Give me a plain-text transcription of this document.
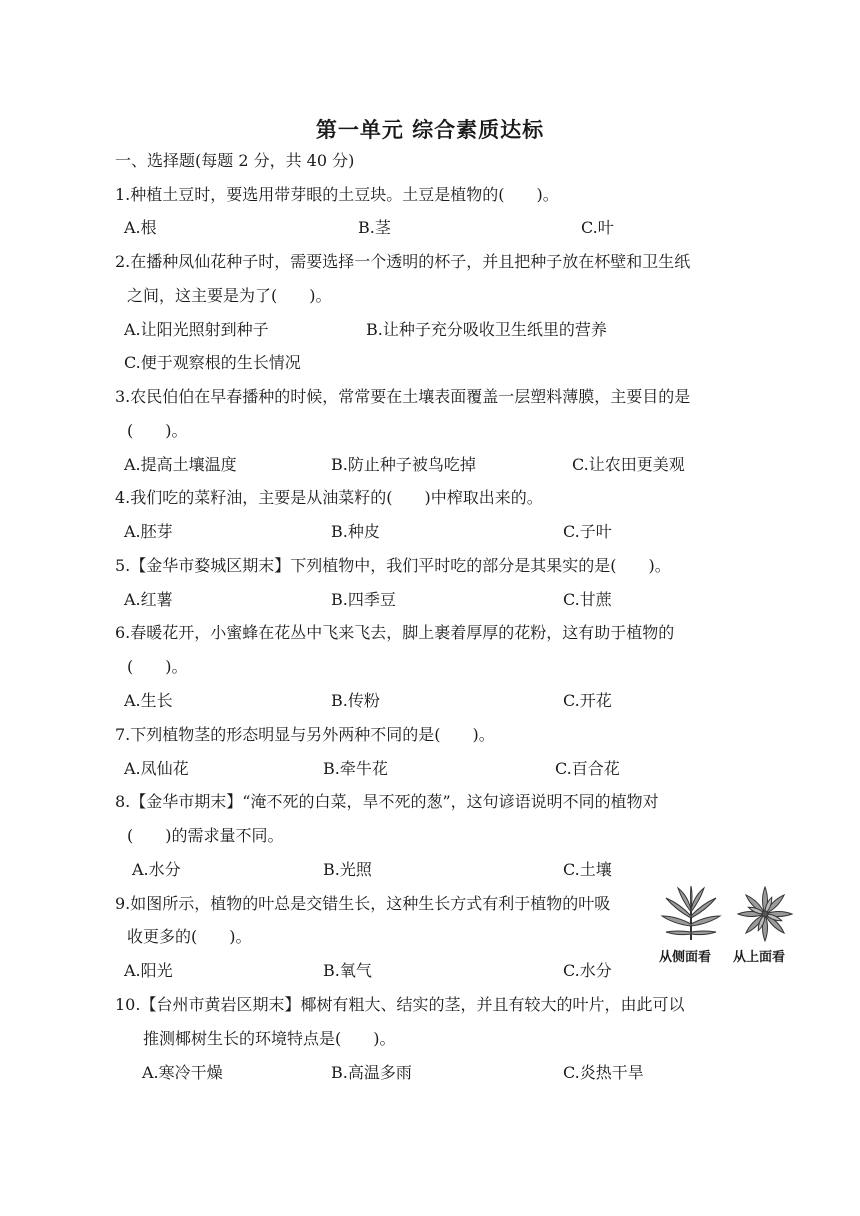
第一单元 综合素质达标
一、选择题(每题 2 分，共 40 分)
1.种植土豆时，要选用带芽眼的土豆块。土豆是植物的(　　)。
A.根	B.茎	C.叶
2.在播种凤仙花种子时，需要选择一个透明的杯子，并且把种子放在杯壁和卫生纸
之间，这主要是为了(　　)。
A.让阳光照射到种子	B.让种子充分吸收卫生纸里的营养
C.便于观察根的生长情况
3.农民伯伯在早春播种的时候，常常要在土壤表面覆盖一层塑料薄膜，主要目的是
(　　)。
A.提高土壤温度	B.防止种子被鸟吃掉	C.让农田更美观
4.我们吃的菜籽油，主要是从油菜籽的(　　)中榨取出来的。
A.胚芽	B.种皮	C.子叶
5.【金华市婺城区期末】下列植物中，我们平时吃的部分是其果实的是(　　)。
A.红薯	B.四季豆	C.甘蔗
6.春暖花开，小蜜蜂在花丛中飞来飞去，脚上裹着厚厚的花粉，这有助于植物的
(　　)。
A.生长	B.传粉	C.开花
7.下列植物茎的形态明显与另外两种不同的是(　　)。
A.凤仙花	B.牵牛花	C.百合花
8.【金华市期末】“淹不死的白菜，旱不死的葱”，这句谚语说明不同的植物对
(　　)的需求量不同。
A.水分	B.光照	C.土壤
9.如图所示，植物的叶总是交错生长，这种生长方式有利于植物的叶吸
收更多的(　　)。
A.阳光	B.氧气	C.水分
从侧面看 从上面看
10.【台州市黄岩区期末】椰树有粗大、结实的茎，并且有较大的叶片，由此可以
推测椰树生长的环境特点是(　　)。
A.寒冷干燥	B.高温多雨	C.炎热干旱
